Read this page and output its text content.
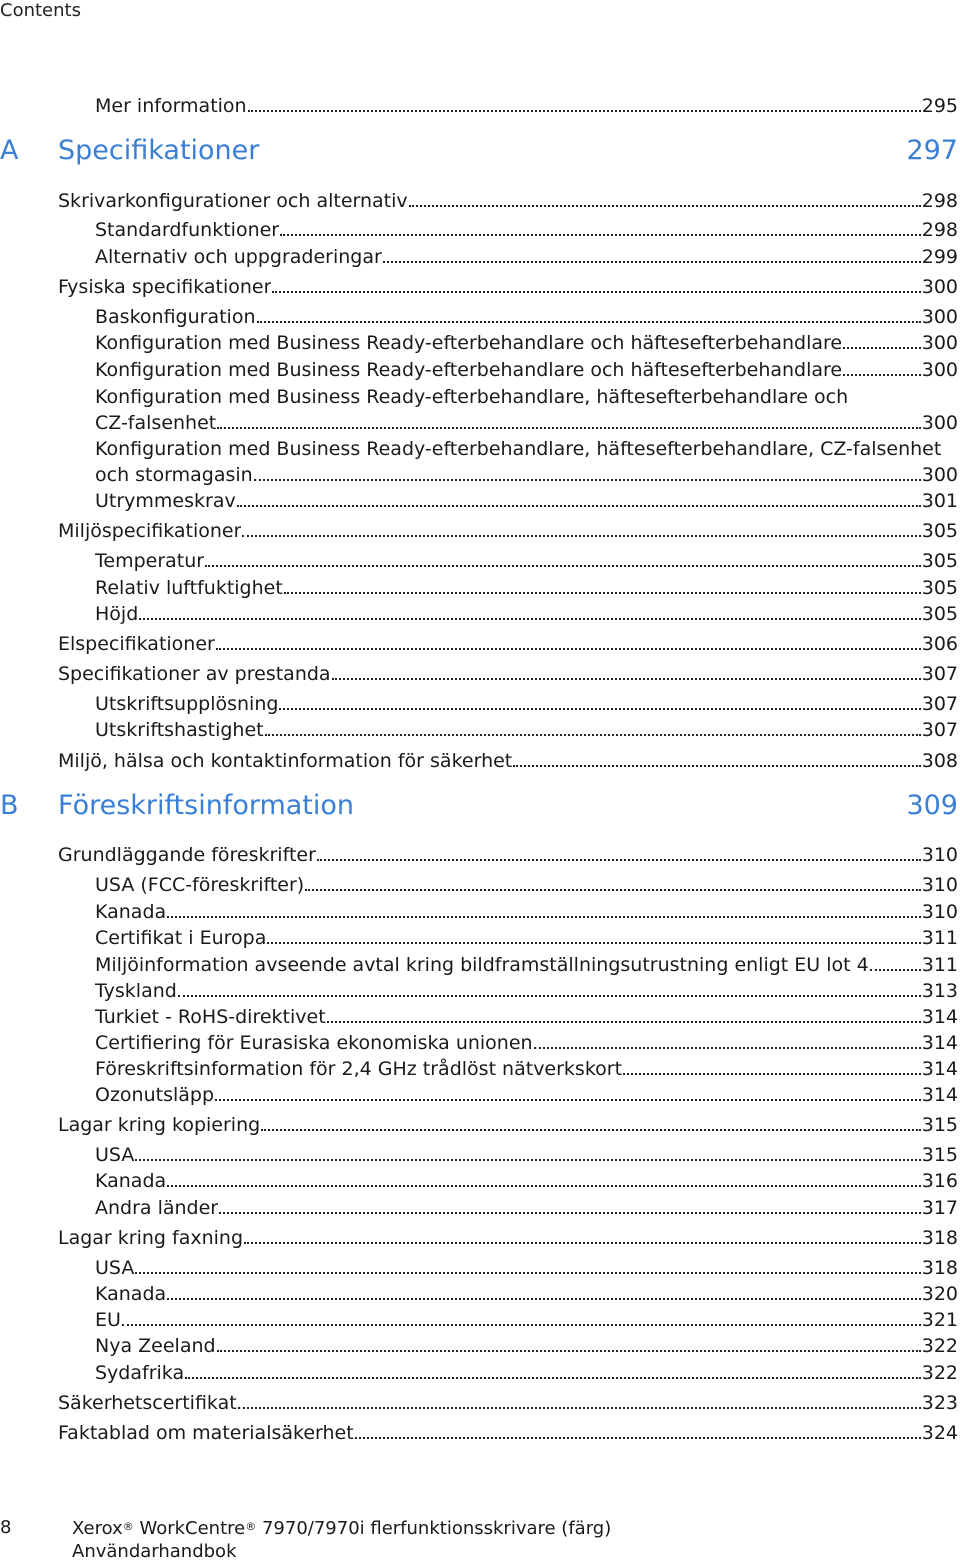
Contents
Mer information	295
A	Specifikationer	297
Skrivarkonfigurationer och alternativ	298
Standardfunktioner	298
Alternativ och uppgraderingar	299
Fysiska specifikationer	300
Baskonfiguration	300
Konfiguration med Business Ready-efterbehandlare och häftesefterbehandlare	300
Konfiguration med Business Ready-efterbehandlare och häftesefterbehandlare	300
Konfiguration med Business Ready-efterbehandlare, häftesefterbehandlare och
CZ-falsenhet	300
Konfiguration med Business Ready-efterbehandlare, häftesefterbehandlare, CZ-falsenhet
och stormagasin	300
Utrymmeskrav	301
Miljöspecifikationer	305
Temperatur	305
Relativ luftfuktighet	305
Höjd	305
Elspecifikationer	306
Specifikationer av prestanda	307
Utskriftsupplösning	307
Utskriftshastighet	307
Miljö, hälsa och kontaktinformation för säkerhet	308
B	Föreskriftsinformation	309
Grundläggande föreskrifter	310
USA (FCC-föreskrifter)	310
Kanada	310
Certifikat i Europa	311
Miljöinformation avseende avtal kring bildframställningsutrustning enligt EU lot 4	311
Tyskland	313
Turkiet - RoHS-direktivet	314
Certifiering för Eurasiska ekonomiska unionen	314
Föreskriftsinformation för 2,4 GHz trådlöst nätverkskort	314
Ozonutsläpp	314
Lagar kring kopiering	315
USA	315
Kanada	316
Andra länder	317
Lagar kring faxning	318
USA	318
Kanada	320
EU	321
Nya Zeeland	322
Sydafrika	322
Säkerhetscertifikat	323
Faktablad om materialsäkerhet	324
8	Xerox® WorkCentre® 7970/7970i flerfunktionsskrivare (färg)
Användarhandbok
